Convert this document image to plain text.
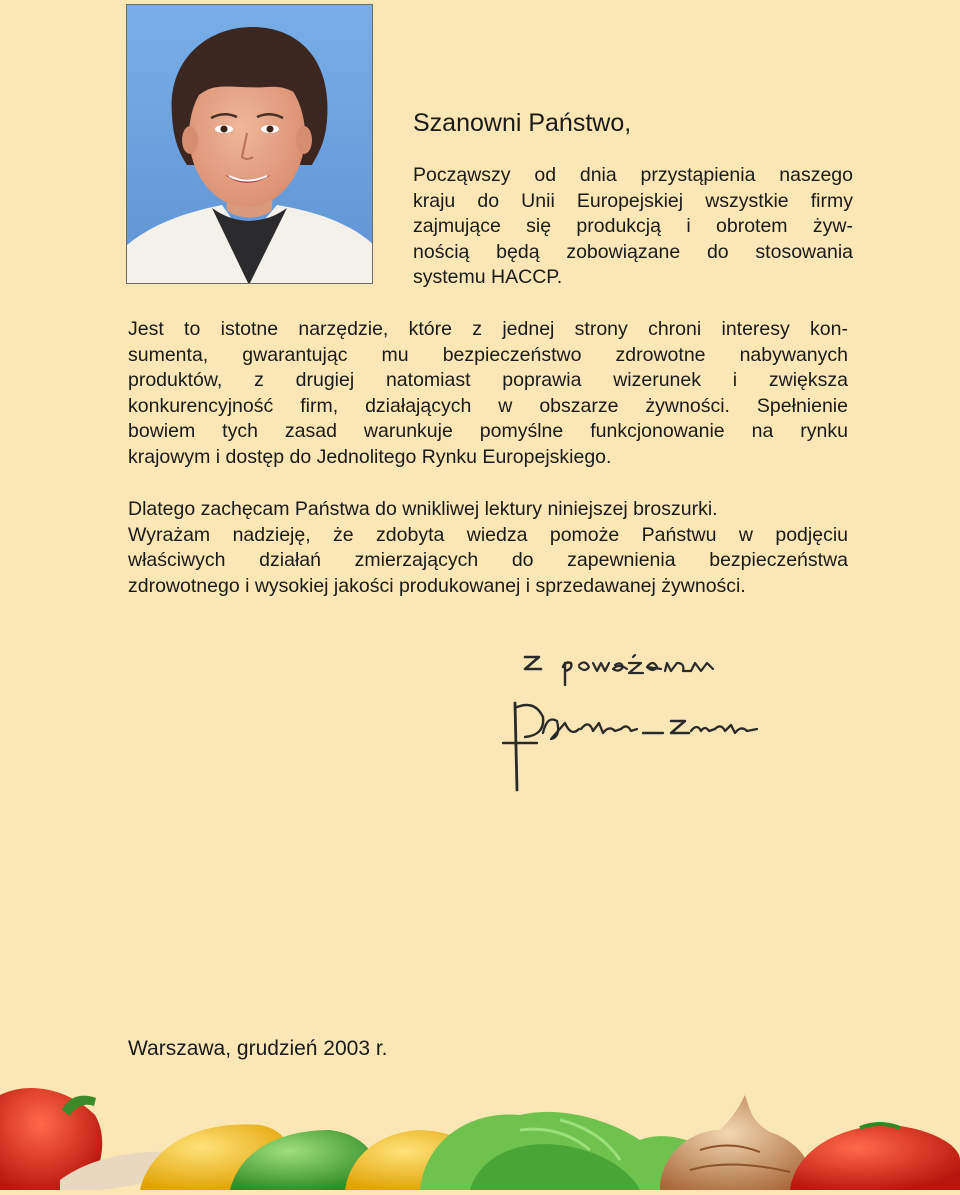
Szanowni Państwo,

Począwszy od dnia przystąpienia naszego
kraju do Unii Europejskiej wszystkie firmy
zajmujące się produkcją i obrotem żyw-
nością będą zobowiązane do stosowania
systemu HACCP.

Jest to istotne narzędzie, które z jednej strony chroni interesy kon-
sumenta, gwarantując mu bezpieczeństwo zdrowotne nabywanych
produktów, z drugiej natomiast poprawia wizerunek i zwiększa
konkurencyjność firm, działających w obszarze żywności. Spełnienie
bowiem tych zasad warunkuje pomyślne funkcjonowanie na rynku
krajowym i dostęp do Jednolitego Rynku Europejskiego.

Dlatego zachęcam Państwa do wnikliwej lektury niniejszej broszurki.
Wyrażam nadzieję, że zdobyta wiedza pomoże Państwu w podjęciu
właściwych działań zmierzających do zapewnienia bezpieczeństwa
zdrowotnego i wysokiej jakości produkowanej i sprzedawanej żywności.

Warszawa, grudzień 2003 r.
